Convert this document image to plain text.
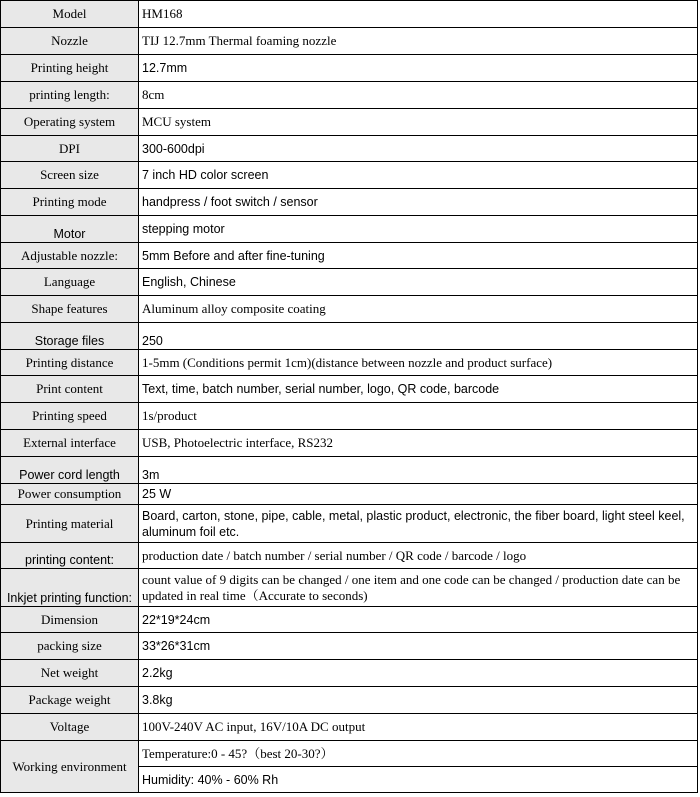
Model	HM168
Nozzle	TIJ 12.7mm Thermal foaming nozzle
Printing height	12.7mm
printing length:	8cm
Operating system	MCU system
DPI	300-600dpi
Screen size	7 inch HD color screen
Printing mode	handpress / foot switch / sensor
Motor	stepping motor
Adjustable nozzle:	5mm Before and after fine-tuning
Language	English, Chinese
Shape features	Aluminum alloy composite coating
Storage files	250
Printing distance	1-5mm (Conditions permit 1cm)(distance between nozzle and product surface)
Print content	Text, time, batch number, serial number, logo, QR code, barcode
Printing speed	1s/product
External interface	USB, Photoelectric interface, RS232
Power cord length	3m
Power consumption	25 W
Printing material	Board, carton, stone, pipe, cable, metal, plastic product, electronic, the fiber board, light steel keel, aluminum foil etc.
printing content:	production date / batch number / serial number / QR code / barcode / logo
Inkjet printing function:	count value of 9 digits can be changed / one item and one code can be changed / production date can be updated in real time（Accurate to seconds)
Dimension	22*19*24cm
packing size	33*26*31cm
Net weight	2.2kg
Package weight	3.8kg
Voltage	100V-240V AC input, 16V/10A DC output
Working environment	Temperature:0 - 45?（best 20-30?）
	Humidity: 40% - 60% Rh
